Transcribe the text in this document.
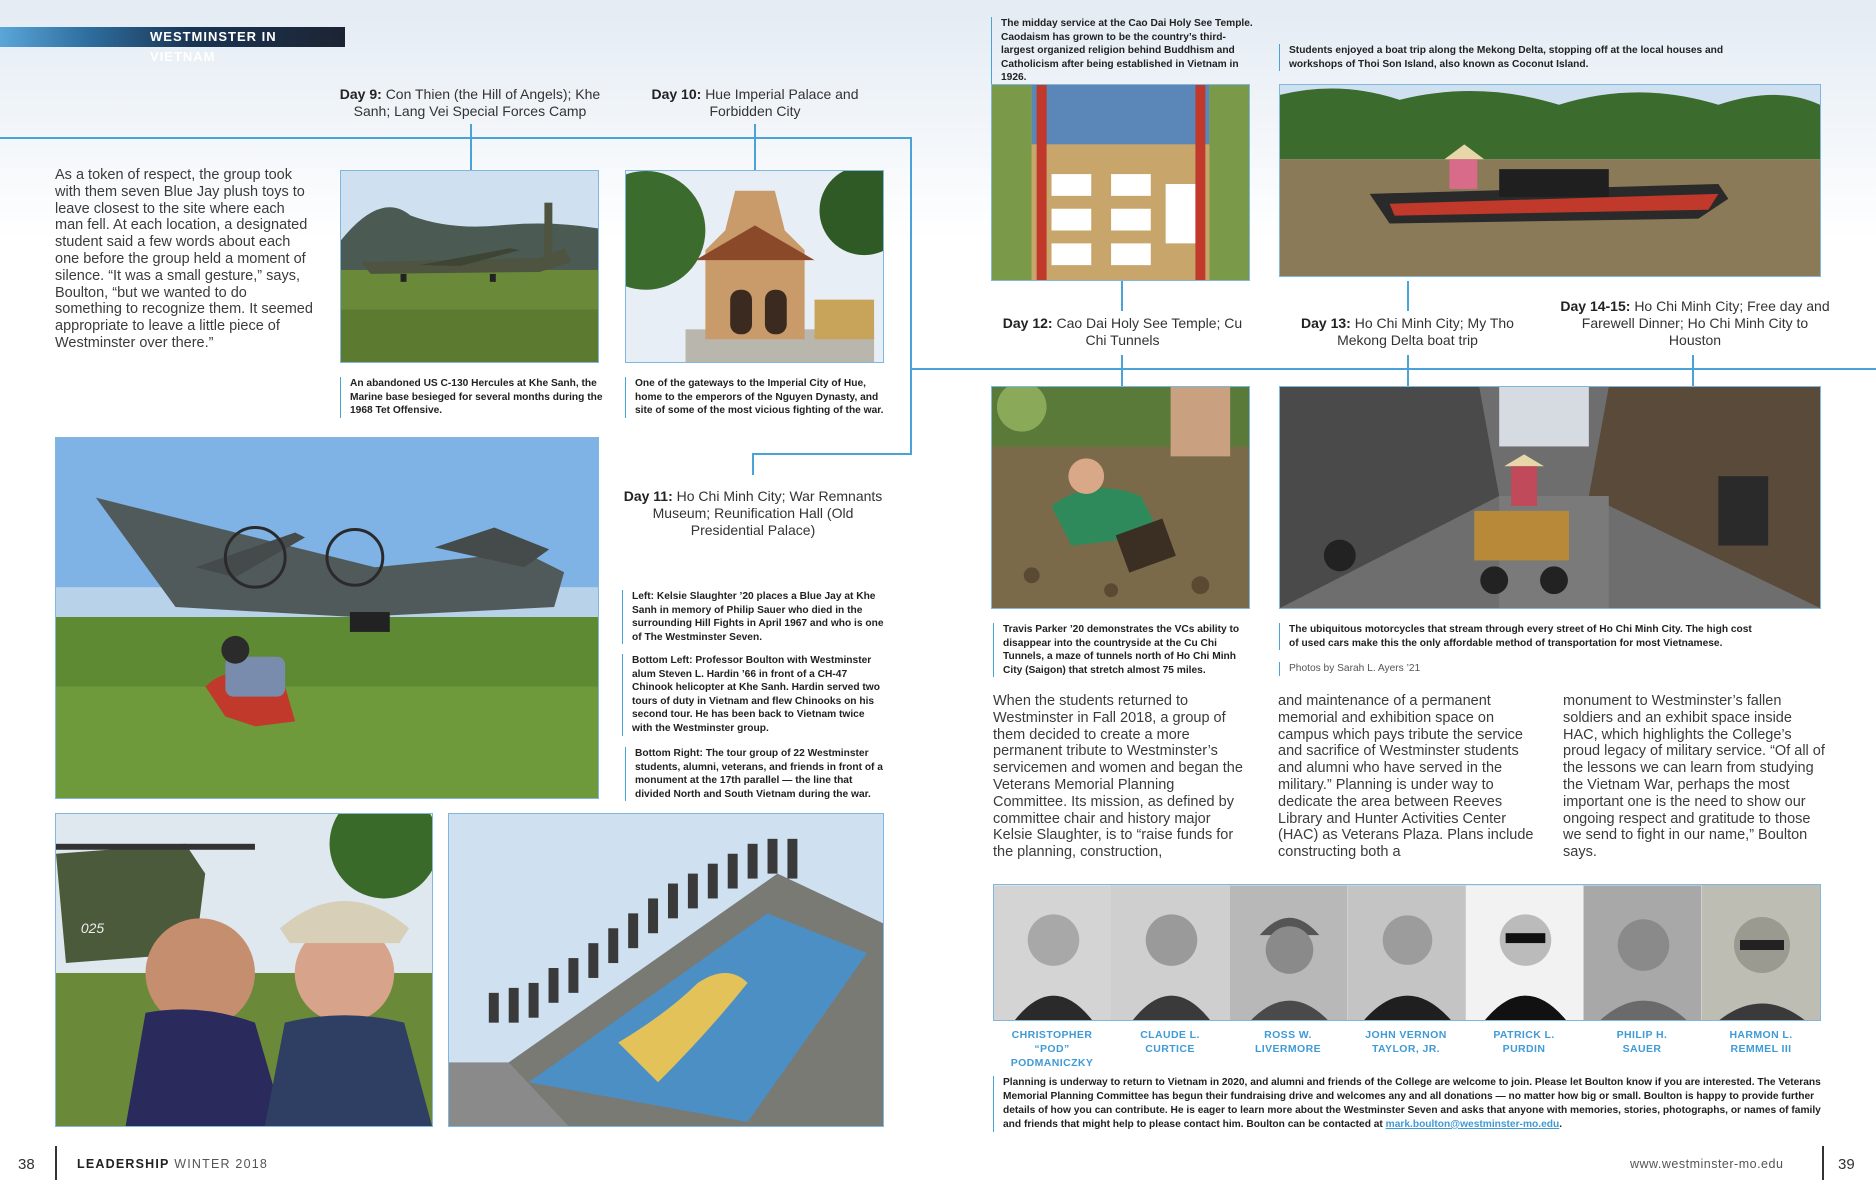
WESTMINSTER IN VIETNAM
Day 9: Con Thien (the Hill of Angels); Khe Sanh; Lang Vei Special Forces Camp
Day 10: Hue Imperial Palace and Forbidden City
Day 11: Ho Chi Minh City; War Remnants Museum; Reunification Hall (Old Presidential Palace)
Day 12: Cao Dai Holy See Temple; Cu Chi Tunnels
Day 13: Ho Chi Minh City; My Tho Mekong Delta boat trip
Day 14-15: Ho Chi Minh City; Free day and Farewell Dinner; Ho Chi Minh City to Houston
As a token of respect, the group took with them seven Blue Jay plush toys to leave closest to the site where each man fell. At each location, a designated student said a few words about each one before the group held a moment of silence. “It was a small gesture,” says, Boulton, “but we wanted to do something to recognize them. It seemed appropriate to leave a little piece of Westminster over there.”
An abandoned US C-130 Hercules at Khe Sanh, the Marine base besieged for several months during the 1968 Tet Offensive.
One of the gateways to the Imperial City of Hue, home to the emperors of the Nguyen Dynasty, and site of some of the most vicious fighting of the war.
Left: Kelsie Slaughter ’20 places a Blue Jay at Khe Sanh in memory of Philip Sauer who died in the surrounding Hill Fights in April 1967 and who is one of The Westminster Seven.
Bottom Left: Professor Boulton with Westminster alum Steven L. Hardin ’66 in front of a CH-47 Chinook helicopter at Khe Sanh. Hardin served two tours of duty in Vietnam and flew Chinooks on his second tour. He has been back to Vietnam twice with the Westminster group.
Bottom Right: The tour group of 22 Westminster students, alumni, veterans, and friends in front of a monument at the 17th parallel — the line that divided North and South Vietnam during the war.
025
The midday service at the Cao Dai Holy See Temple. Caodaism has grown to be the country’s third-largest organized religion behind Buddhism and Catholicism after being established in Vietnam in 1926.
Students enjoyed a boat trip along the Mekong Delta, stopping off at the local houses and workshops of Thoi Son Island, also known as Coconut Island.
Travis Parker ’20 demonstrates the VCs ability to disappear into the countryside at the Cu Chi Tunnels, a maze of tunnels north of Ho Chi Minh City (Saigon) that stretch almost 75 miles.
The ubiquitous motorcycles that stream through every street of Ho Chi Minh City. The high cost of used cars make this the only affordable method of transportation for most Vietnamese.
Photos by Sarah L. Ayers ’21
When the students returned to Westminster in Fall 2018, a group of them decided to create a more permanent tribute to Westminster’s servicemen and women and began the Veterans Memorial Planning Committee. Its mission, as defined by committee chair and history major Kelsie Slaughter, is to “raise funds for the planning, construction,
and maintenance of a permanent memorial and exhibition space on campus which pays tribute the service and sacrifice of Westminster students and alumni who have served in the military.” Planning is under way to dedicate the area between Reeves Library and Hunter Activities Center (HAC) as Veterans Plaza. Plans include constructing both a
monument to Westminster’s fallen soldiers and an exhibit space inside HAC, which highlights the College’s proud legacy of military service. “Of all of the lessons we can learn from studying the Vietnam War, perhaps the most important one is the need to show our ongoing respect and gratitude to those we send to fight in our name,” Boulton says.
CHRISTOPHER “POD”
PODMANICZKY
CLAUDE L.
CURTICE
ROSS W.
LIVERMORE
JOHN VERNON
TAYLOR, JR.
PATRICK L.
PURDIN
PHILIP H.
SAUER
HARMON L.
REMMEL III
Planning is underway to return to Vietnam in 2020, and alumni and friends of the College are welcome to join. Please let Boulton know if you are interested. The Veterans Memorial Planning Committee has begun their fundraising drive and welcomes any and all donations — no matter how big or small. Boulton is happy to provide further details of how you can contribute. He is eager to learn more about the Westminster Seven and asks that anyone with memories, stories, photographs, or names of family and friends that might help to please contact him. Boulton can be contacted at mark.boulton@westminster-mo.edu.
38	LEADERSHIP WINTER 2018	www.westminster-mo.edu	39
